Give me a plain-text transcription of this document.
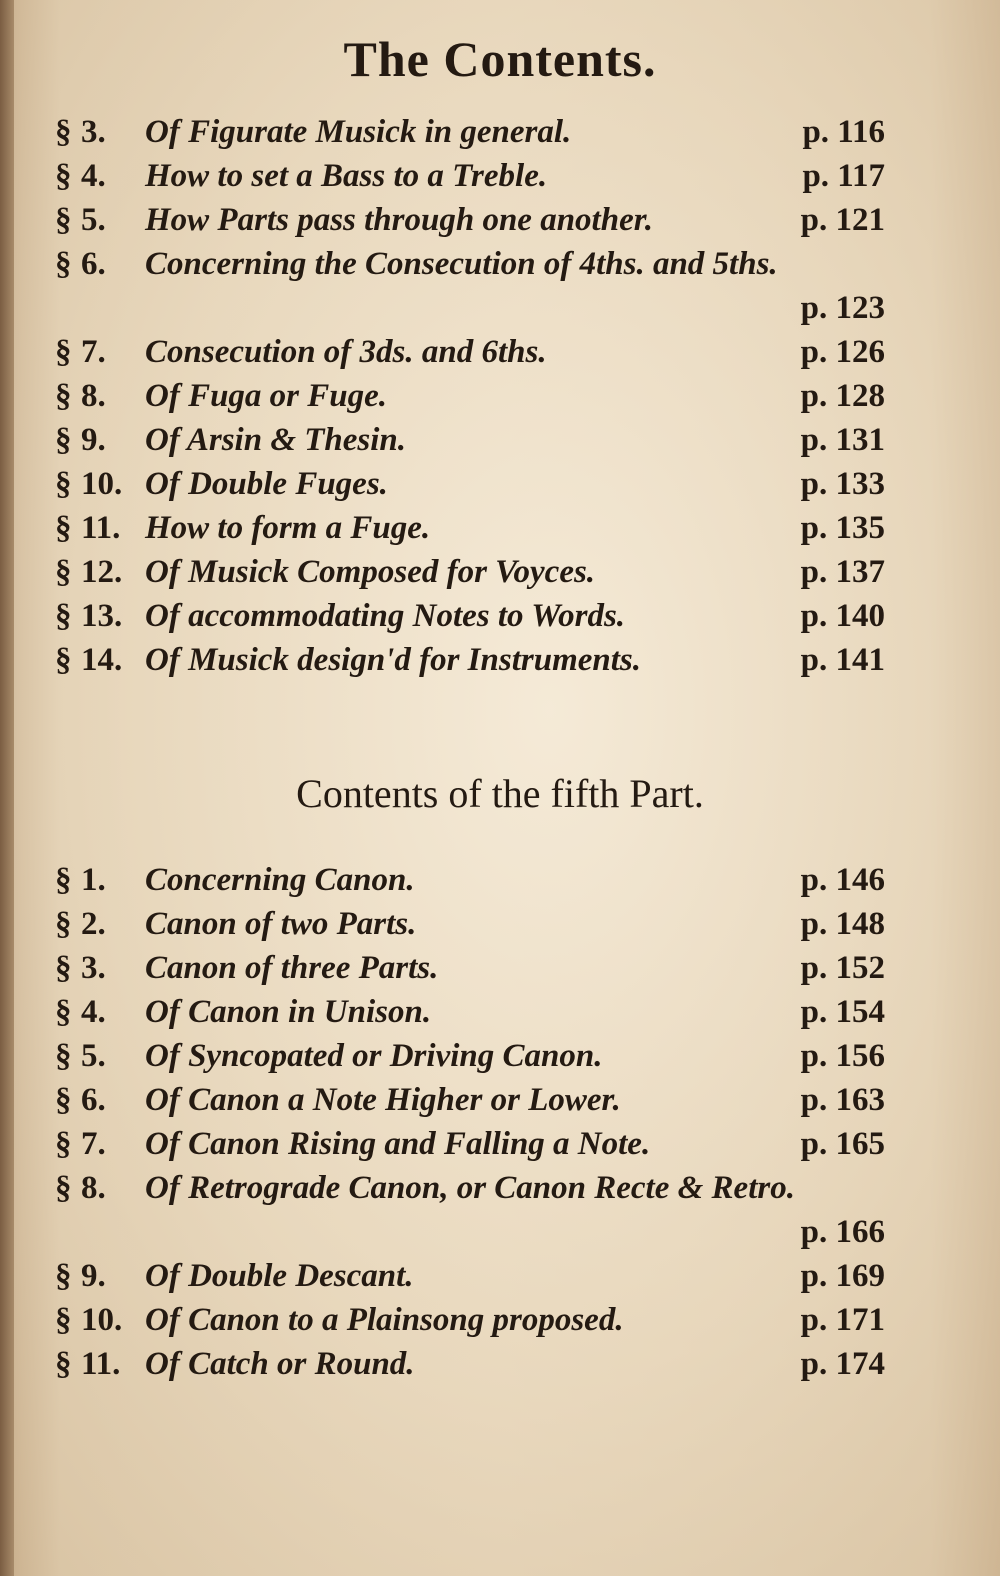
The Contents.
§ 3. Of Figurate Musick in general.	p. 116
§ 4. How to set a Bass to a Treble.	p. 117
§ 5. How Parts pass through one another.	p. 121
§ 6. Concerning the Consecution of 4ths. and 5ths.
p. 123
§ 7. Consecution of 3ds. and 6ths.	p. 126
§ 8. Of Fuga or Fuge.	p. 128
§ 9. Of Arsin & Thesin.	p. 131
§ 10. Of Double Fuges.	p. 133
§ 11. How to form a Fuge.	p. 135
§ 12. Of Musick Composed for Voyces.	p. 137
§ 13. Of accommodating Notes to Words.	p. 140
§ 14. Of Musick design'd for Instruments.	p. 141
Contents of the fifth Part.
§ 1. Concerning Canon.	p. 146
§ 2. Canon of two Parts.	p. 148
§ 3. Canon of three Parts.	p. 152
§ 4. Of Canon in Unison.	p. 154
§ 5. Of Syncopated or Driving Canon.	p. 156
§ 6. Of Canon a Note Higher or Lower.	p. 163
§ 7. Of Canon Rising and Falling a Note.	p. 165
§ 8. Of Retrograde Canon, or Canon Recte & Retro.
p. 166
§ 9. Of Double Descant.	p. 169
§ 10. Of Canon to a Plainsong proposed.	p. 171
§ 11. Of Catch or Round.	p. 174
